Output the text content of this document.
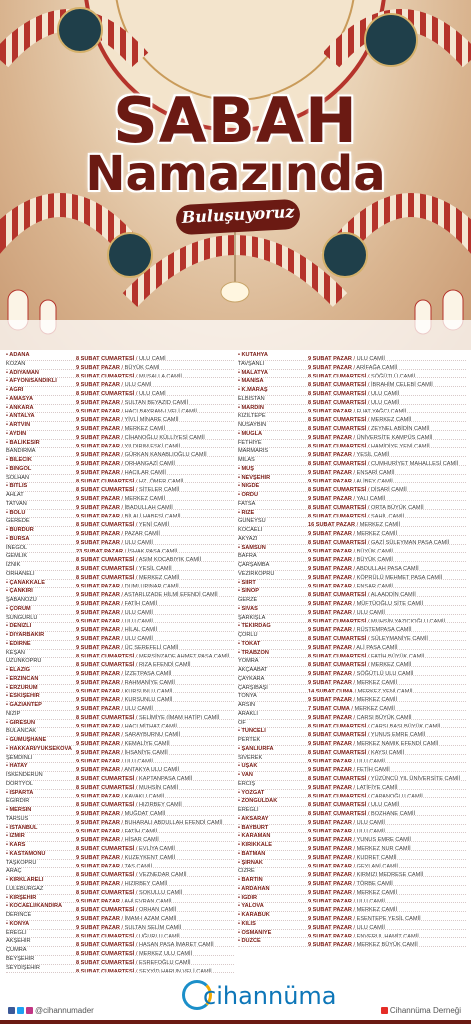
SABAH
Namazında
Buluşuyoruz
• ADANA8 ŞUBAT CUMARTESİ / ULU CAMİ
KOZAN9 ŞUBAT PAZAR / BÜYÜK CAMİ
• ADIYAMAN8 ŞUBAT CUMARTESİ / MUSALLA CAMİİ
• AFYON/SANDIKLI9 ŞUBAT PAZAR / ULU CAMİ
• AĞRI8 ŞUBAT CUMARTESİ / ULU CAMİ
• AMASYA9 ŞUBAT PAZAR / SULTAN BEYAZID CAMİİ
• ANKARA9 ŞUBAT PAZAR / HACI BAYRAM-I VELİ CAMİİ
• ANTALYA9 ŞUBAT PAZAR / YİVLİ MİNARE CAMİİ
• ARTVİN9 ŞUBAT PAZAR / MERKEZ CAMİİ
• AYDIN9 ŞUBAT PAZAR / CİHANOĞLU KÜLLİYESİ CAMİİ
• BALIKESİR9 ŞUBAT PAZAR / YILDIRIM ESKİ CAMİİ
BANDIRMA9 ŞUBAT PAZAR / GÜRKAN KANABLIOĞLU CAMİİ
• BİLECİK9 ŞUBAT PAZAR / ORHANGAZİ CAMİİ
• BİNGÖL9 ŞUBAT PAZAR / HACILAR CAMİİ
SOLHAN8 ŞUBAT CUMARTESİ / HZ. ÖMER CAMİİ
• BİTLİS8 ŞUBAT CUMARTESİ / SİTELER CAMİİ
AHLAT9 ŞUBAT PAZAR / MERKEZ CAMİİ
TATVAN9 ŞUBAT PAZAR / İBADULLAH CAMİİ
• BOLU9 ŞUBAT PAZAR / BİLALİ HABEŞİ CAMİİ
GEREDE8 ŞUBAT CUMARTESİ / YENİ CAMİİ
• BURDUR9 ŞUBAT PAZAR / PAZAR CAMİİ
• BURSA9 ŞUBAT PAZAR / ULU CAMİİ
İNEGÖL23 ŞUBAT PAZAR / İSHAK PAŞA CAMİİ
GEMLİK8 ŞUBAT CUMARTESİ / ASIM KOCABIYIK CAMİİ
İZNİK8 ŞUBAT CUMARTESİ / YEŞİL CAMİİ
ORHANELİ8 ŞUBAT CUMARTESİ / MERKEZ CAMİİ
• ÇANAKKALE9 ŞUBAT PAZAR / DUMLUPINAR CAMİİ
• ÇANKIRI9 ŞUBAT PAZAR / ASTARLIZADE HİLMİ EFENDİ CAMİİ
ŞABANÖZÜ9 ŞUBAT PAZAR / FATİH CAMİİ
• ÇORUM9 ŞUBAT PAZAR / ULU CAMİİ
SUNGURLU9 ŞUBAT PAZAR / ULU CAMİİ
• DENİZLİ9 ŞUBAT PAZAR / HİLAL CAMİİ
• DİYARBAKIR9 ŞUBAT PAZAR / ULU CAMİİ
• EDİRNE9 ŞUBAT PAZAR / ÜÇ ŞEREFELİ CAMİİ
KEŞAN8 ŞUBAT CUMARTESİ / MERSİNZADE AHMET PAŞA CAMİİ
UZUNKÖPRÜ8 ŞUBAT CUMARTESİ / RIZA EFENDİ CAMİİ
• ELAZIĞ9 ŞUBAT PAZAR / İZZETPAŞA CAMİİ
• ERZİNCAN9 ŞUBAT PAZAR / RAHMANİYE CAMİİ
• ERZURUM9 ŞUBAT PAZAR / KURŞUNLU CAMİİ
• ESKİŞEHİR9 ŞUBAT PAZAR / KURŞUNLU CAMİİ
• GAZİANTEP9 ŞUBAT PAZAR / ULU CAMİİ
NİZİP8 ŞUBAT CUMARTESİ / SELİMİYE (İMAM HATİP) CAMİİ
• GİRESUN9 ŞUBAT PAZAR / HACI MİTHAT CAMİİ
BULANCAK9 ŞUBAT PAZAR / SARAYBURNU CAMİİ
• GÜMÜŞHANE9 ŞUBAT PAZAR / KEMALİYE CAMİİ
• HAKKARİ/YÜKSEKOVA9 ŞUBAT PAZAR / İHSANİYE CAMİİ
ŞEMDİNLİ9 ŞUBAT PAZAR / ULU CAMİİ
• HATAY9 ŞUBAT PAZAR / ANTAKYA ULU CAMİİ
İSKENDERUN8 ŞUBAT CUMARTESİ / KAPTANPAŞA CAMİİ
DÖRTYOL8 ŞUBAT CUMARTESİ / MUHSİN CAMİİ
• ISPARTA9 ŞUBAT PAZAR / KAVAKLI CAMİİ
EĞİRDİR8 ŞUBAT CUMARTESİ / HIZIRBEY CAMİİ
• MERSİN9 ŞUBAT PAZAR / MUĞDAT CAMİİ
TARSUS9 ŞUBAT PAZAR / BUHARALI ABDULLAH EFENDİ CAMİİ
• İSTANBUL9 ŞUBAT PAZAR / FATİH CAMİİ
• İZMİR9 ŞUBAT PAZAR / HİSAR CAMİİ
• KARS8 ŞUBAT CUMARTESİ / EVLİYA CAMİİ
• KASTAMONU9 ŞUBAT PAZAR / KUZEYKENT CAMİİ
TAŞKÖPRÜ9 ŞUBAT PAZAR / TAŞ CAMİİ
ARAÇ8 ŞUBAT CUMARTESİ / VEZNEDAR CAMİİ
• KIRKLARELİ9 ŞUBAT PAZAR / HIZIRBEY CAMİİ
LÜLEBURGAZ8 ŞUBAT CUMARTESİ / SOKULLU CAMİİ
• KIRŞEHİR9 ŞUBAT PAZAR / AHİ EVRAN CAMİİ
• KOCAELİ/KANDIRA8 ŞUBAT CUMARTESİ / ORHAN CAMİİ
DERİNCE9 ŞUBAT PAZAR / İMAM-I AZAM CAMİİ
• KONYA9 ŞUBAT PAZAR / SULTAN SELİM CAMİİ
EREĞLİ8 ŞUBAT CUMARTESİ / UĞURLU CAMİİ
AKŞEHİR8 ŞUBAT CUMARTESİ / HASAN PAŞA İMARET CAMİİ
ÇUMRA8 ŞUBAT CUMARTESİ / MERKEZ ULU CAMİİ
BEYŞEHİR8 ŞUBAT CUMARTESİ / EŞREFOĞLU CAMİİ
SEYDİŞEHİR8 ŞUBAT CUMARTESİ / SEYYİD HARUN VELİ CAMİİ
• KÜTAHYA9 ŞUBAT PAZAR / ULU CAMİİ
TAVŞANLI9 ŞUBAT PAZAR / ARİFAĞA CAMİİ
• MALATYA8 ŞUBAT CUMARTESİ / SÖĞÜTLÜ CAMİİ
• MANİSA8 ŞUBAT CUMARTESİ / İBRAHİM ÇELEBİ CAMİİ
• K.MARAŞ8 ŞUBAT CUMARTESİ / ULU CAMİİ
ELBİSTAN8 ŞUBAT CUMARTESİ / ULU CAMİİ
• MARDİN9 ŞUBAT PAZAR / FUAT YAĞCI CAMİİ
KIZILTEPE8 ŞUBAT CUMARTESİ / MERKEZ CAMİİ
NUSAYBİN8 ŞUBAT CUMARTESİ / ZEYNEL ABİDİN CAMİİ
• MUĞLA9 ŞUBAT PAZAR / ÜNİVERSİTE KAMPÜS CAMİİ
FETHİYE8 ŞUBAT CUMARTESİ / HAMİDİYE YENİ CAMİİ
MARMARİS9 ŞUBAT PAZAR / YEŞİL CAMİİ
MİLAS8 ŞUBAT CUMARTESİ / CUMHURİYET MAHALLESİ CAMİİ
• MUŞ9 ŞUBAT PAZAR / ENSARİ CAMİİ
• NEVŞEHİR9 ŞUBAT PAZAR / ALİBEY CAMİİ
• NİĞDE8 ŞUBAT CUMARTESİ / DİSARİ CAMİİ
• ORDU9 ŞUBAT PAZAR / YALI CAMİİ
FATSA8 ŞUBAT CUMARTESİ / ORTA BÜYÜK CAMİİ
• RİZE8 ŞUBAT CUMARTESİ / ŞAHİL CAMİİ
GÜNEYSU16 ŞUBAT PAZAR / MERKEZ CAMİİ
KOCAELİ9 ŞUBAT PAZAR / MERKEZ CAMİİ
AKYAZI8 ŞUBAT CUMARTESİ / GAZİ SÜLEYMAN PAŞA CAMİİ
• SAMSUN9 ŞUBAT PAZAR / BÜYÜK CAMİİ
BAFRA9 ŞUBAT PAZAR / BÜYÜK CAMİİ
ÇARŞAMBA9 ŞUBAT PAZAR / ABDULLAH PAŞA CAMİİ
VEZİRKÖPRÜ9 ŞUBAT PAZAR / KÖPRÜLÜ MEHMET PAŞA CAMİİ
• SİİRT9 ŞUBAT PAZAR / ENSAR CAMİİ
• SİNOP8 ŞUBAT CUMARTESİ / ALAADDİN CAMİİ
GERZE9 ŞUBAT PAZAR / MÜFTÜOĞLU SİTE CAMİİ
• SİVAS9 ŞUBAT PAZAR / ULU CAMİİ
ŞARKIŞLA8 ŞUBAT CUMARTESİ / MUHSİN YAZICIOĞLU CAMİİ
• TEKİRDAĞ9 ŞUBAT PAZAR / RÜSTEMPAŞA CAMİİ
ÇORLU8 ŞUBAT CUMARTESİ / SÜLEYMANİYE CAMİİ
• TOKAT9 ŞUBAT PAZAR / ALİ PAŞA CAMİİ
• TRABZON8 ŞUBAT CUMARTESİ / FATİH BÜYÜK CAMİİ
YOMRA8 ŞUBAT CUMARTESİ / MERKEZ CAMİİ
AKÇAABAT9 ŞUBAT PAZAR / SÖĞÜTLÜ ULU CAMİİ
ÇAYKARA9 ŞUBAT PAZAR / MERKEZ CAMİİ
ÇARŞIBAŞI14 ŞUBAT CUMA / MERKEZ YENİ CAMİİ
TONYA9 ŞUBAT PAZAR / MERKEZ CAMİİ
ARSİN7 ŞUBAT CUMA / MERKEZ CAMİİ
ARAKLI9 ŞUBAT PAZAR / ÇARŞI BÜYÜK CAMİİ
OF8 ŞUBAT CUMARTESİ / ÇARŞI BAŞI BÜYÜK CAMİİ
• TUNCELİ8 ŞUBAT CUMARTESİ / YUNUS EMRE CAMİİ
PERTEK9 ŞUBAT PAZAR / MERKEZ NAMIK EFENDİ CAMİİ
• ŞANLIURFA8 ŞUBAT CUMARTESİ / KAYSI CAMİİ
SİVEREK9 ŞUBAT PAZAR / ULU CAMİİ
• UŞAK9 ŞUBAT PAZAR / FETİH CAMİİ
• VAN8 ŞUBAT CUMARTESİ / YÜZÜNCÜ YIL ÜNİVERSİTE CAMİİ
ERCİŞ9 ŞUBAT PAZAR / LATİFİYE CAMİİ
• YOZGAT8 ŞUBAT CUMARTESİ / ÇAPANOĞLU CAMİİ
• ZONGULDAK8 ŞUBAT CUMARTESİ / ULU CAMİİ
EREĞLİ8 ŞUBAT CUMARTESİ / BOZHANE CAMİİ
• AKSARAY9 ŞUBAT PAZAR / ULU CAMİİ
• BAYBURT9 ŞUBAT PAZAR / ULU CAMİİ
• KARAMAN9 ŞUBAT PAZAR / YUNUS EMRE CAMİİ
• KIRIKKALE9 ŞUBAT PAZAR / MERKEZ NUR CAMİİ
• BATMAN9 ŞUBAT PAZAR / KUDRET CAMİİ
• ŞIRNAK9 ŞUBAT PAZAR / GEYLANİ CAMİİ
CİZRE9 ŞUBAT PAZAR / KIRMIZI MEDRESE CAMİİ
• BARTIN9 ŞUBAT PAZAR / TÖRBE CAMİİ
• ARDAHAN9 ŞUBAT PAZAR / MERKEZ CAMİİ
• IĞDIR9 ŞUBAT PAZAR / ULU CAMİİ
• YALOVA9 ŞUBAT PAZAR / MERKEZ CAMİİ
• KARABÜK9 ŞUBAT PAZAR / ESENTEPE YEŞİL CAMİİ
• KİLİS9 ŞUBAT PAZAR / ULU CAMİİ
• OSMANİYE9 ŞUBAT PAZAR / ENVERUL HAMİT CAMİİ
• DÜZCE9 ŞUBAT PAZAR / MERKEZ BÜYÜK CAMİİ
cihannüma
@cihannumader	Cihannüma Derneği
